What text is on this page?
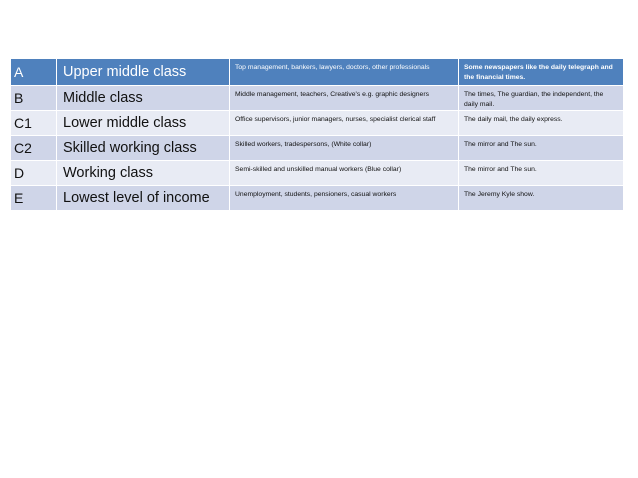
A	Upper middle class	Top management, bankers, lawyers, doctors, other professionals	Some newspapers like the daily telegraph and the financial times.
B	Middle class	Middle management, teachers, Creative's e.g. graphic designers	The times, The guardian, the independent, the daily mail.
C1	Lower middle class	Office supervisors, junior managers, nurses, specialist clerical staff	The daily mail, the daily express.
C2	Skilled working class	Skilled workers, tradespersons, (White collar)	The mirror and The sun.
D	Working class	Semi-skilled and unskilled manual workers (Blue collar)	The mirror and The sun.
E	Lowest level of income	Unemployment, students, pensioners, casual workers	The Jeremy Kyle show.
